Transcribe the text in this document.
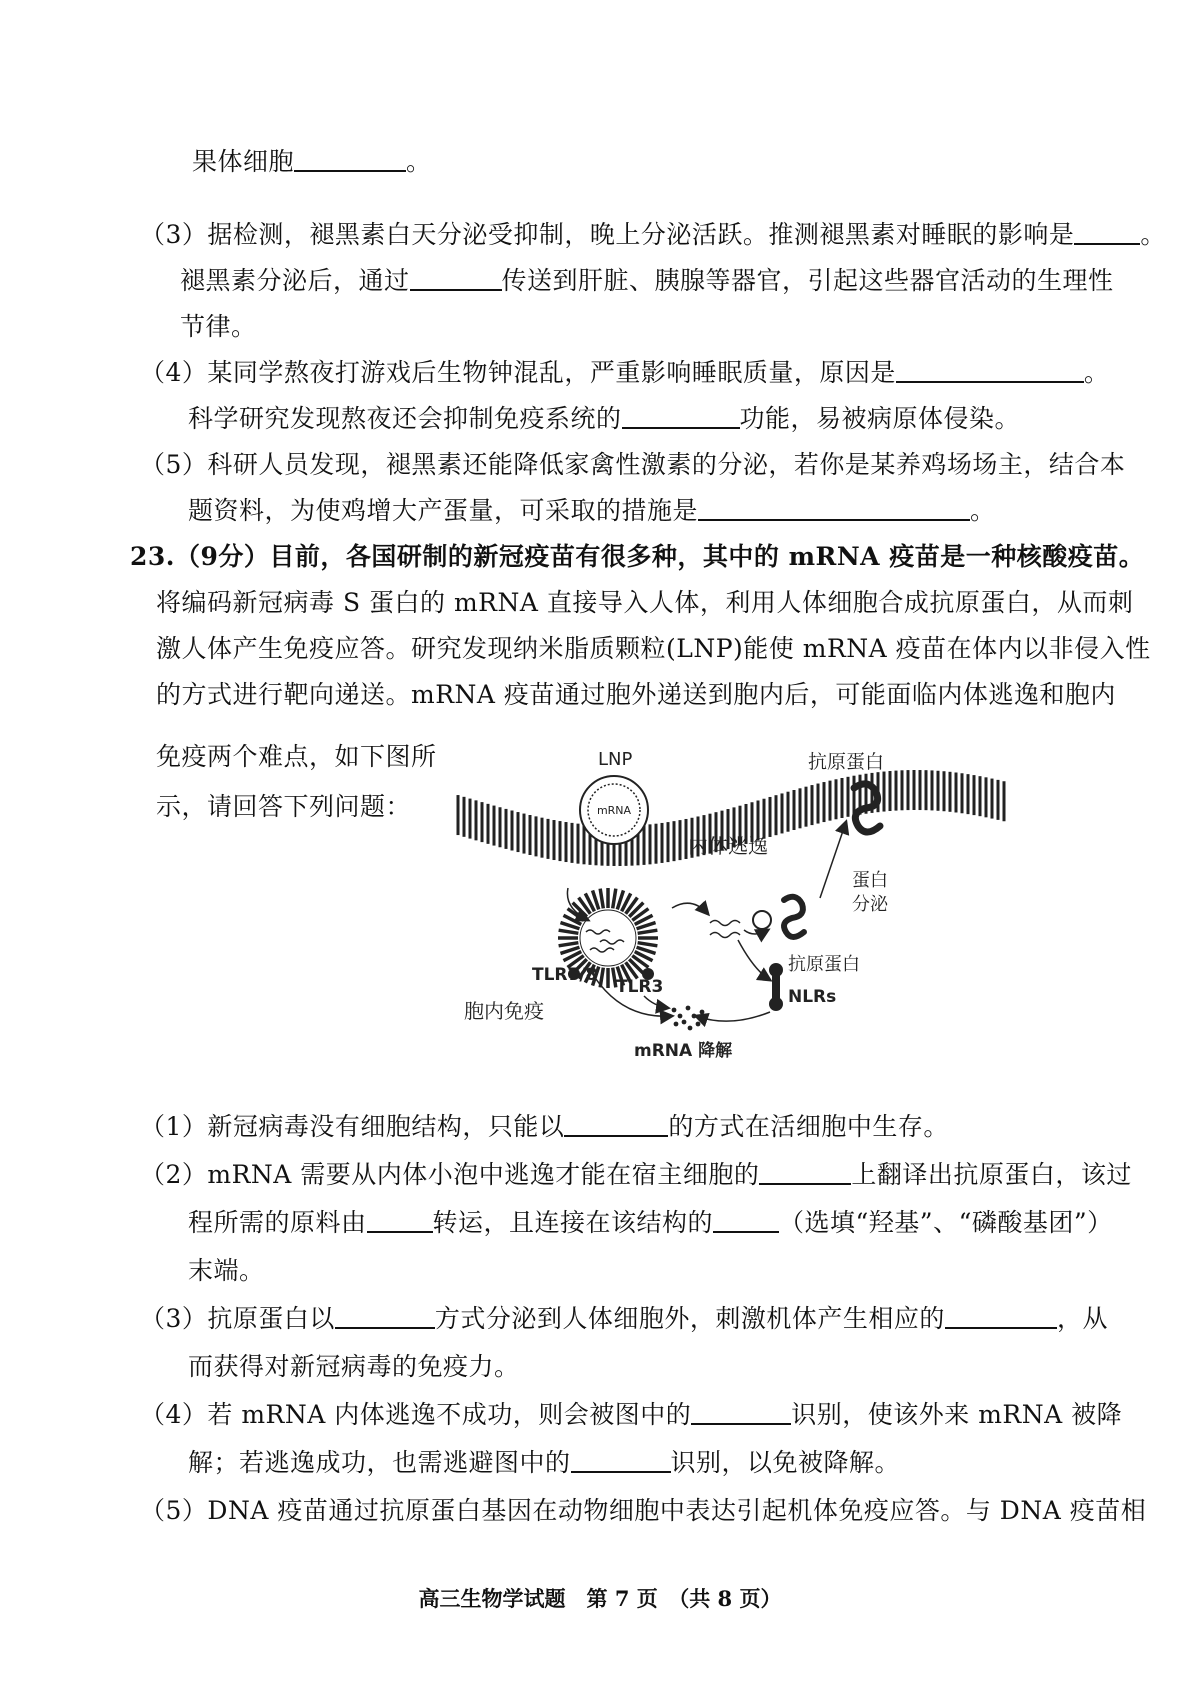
果体细胞	。
（3）据检测，褪黑素白天分泌受抑制，晚上分泌活跃。推测褪黑素对睡眠的影响是	。
褪黑素分泌后，通过	传送到肝脏、胰腺等器官，引起这些器官活动的生理性
节律。
（4）某同学熬夜打游戏后生物钟混乱，严重影响睡眠质量，原因是	。
科学研究发现熬夜还会抑制免疫系统的	功能，易被病原体侵染。
（5）科研人员发现，褪黑素还能降低家禽性激素的分泌，若你是某养鸡场场主，结合本
题资料，为使鸡增大产蛋量，可采取的措施是	。
23.（9分）目前，各国研制的新冠疫苗有很多种，其中的 mRNA 疫苗是一种核酸疫苗。
将编码新冠病毒 S 蛋白的 mRNA 直接导入人体，利用人体细胞合成抗原蛋白，从而刺
激人体产生免疫应答。研究发现纳米脂质颗粒(LNP)能使 mRNA 疫苗在体内以非侵入性
的方式进行靶向递送。mRNA 疫苗通过胞外递送到胞内后，可能面临内体逃逸和胞内
免疫两个难点，如下图所
示，请回答下列问题：	mRNA
LNP	抗原蛋白
内体逃逸
抗原蛋白
蛋白
分泌
NLRs
TLR7/8
TLR3
胞内免疫
mRNA 降解
（1）新冠病毒没有细胞结构，只能以	的方式在活细胞中生存。
（2）mRNA 需要从内体小泡中逃逸才能在宿主细胞的	上翻译出抗原蛋白，该过
程所需的原料由	转运，且连接在该结构的	（选填“羟基”、“磷酸基团”）
末端。
（3）抗原蛋白以	方式分泌到人体细胞外，刺激机体产生相应的	，从
而获得对新冠病毒的免疫力。
（4）若 mRNA 内体逃逸不成功，则会被图中的	识别，使该外来 mRNA 被降
解；若逃逸成功，也需逃避图中的	识别，以免被降解。
（5）DNA 疫苗通过抗原蛋白基因在动物细胞中表达引起机体免疫应答。与 DNA 疫苗相
高三生物学试题　第 7 页　（共 8 页）
